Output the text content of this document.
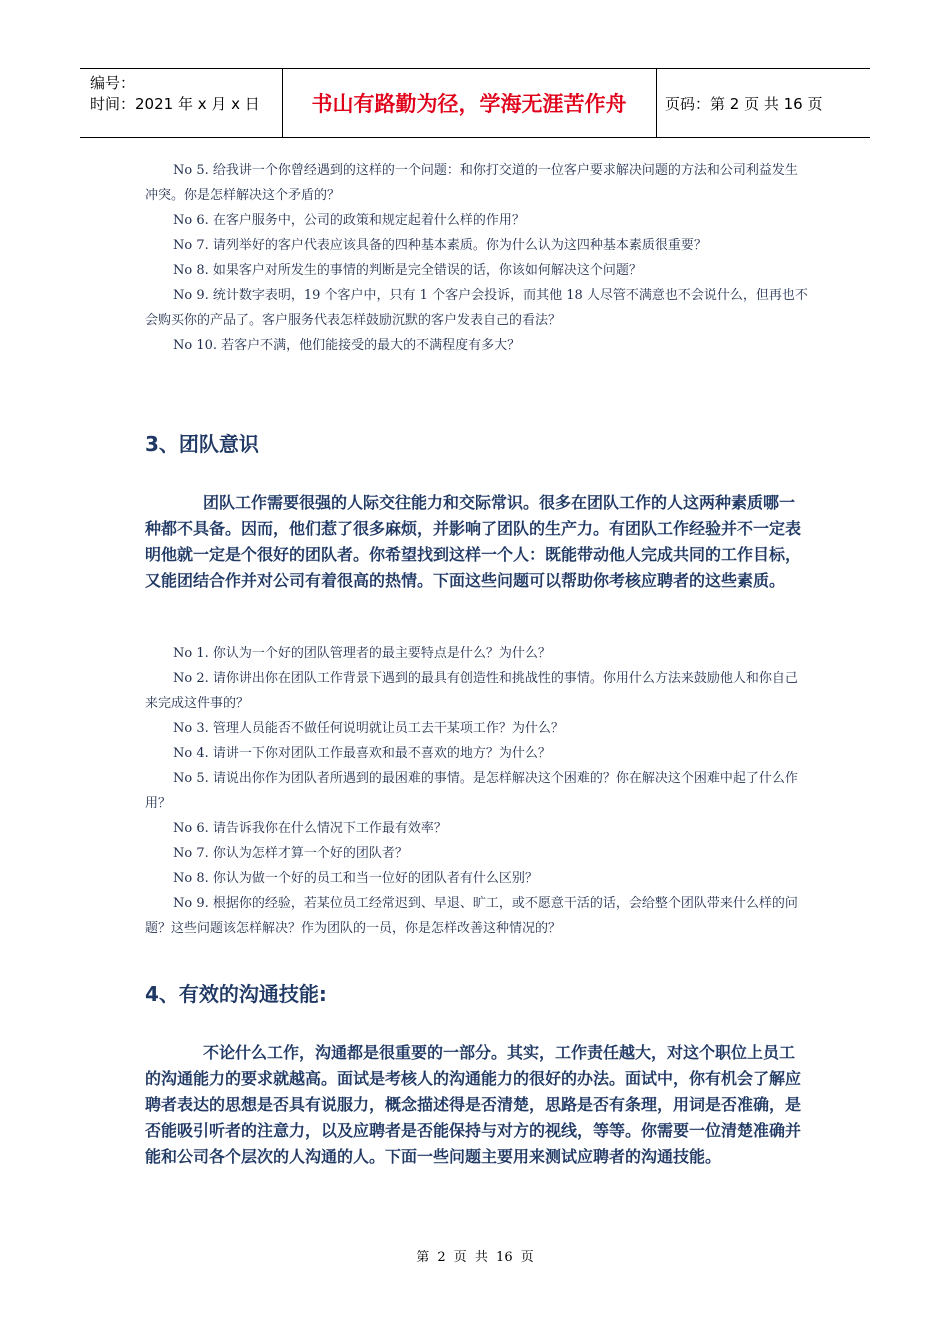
编号：
时间：2021 年 x 月 x 日	书山有路勤为径，学海无涯苦作舟	页码：第 2 页 共 16 页

No 5. 给我讲一个你曾经遇到的这样的一个问题：和你打交道的一位客户要求解决问题的方法和公司利益发生冲突。你是怎样解决这个矛盾的？

No 6. 在客户服务中，公司的政策和规定起着什么样的作用？

No 7. 请列举好的客户代表应该具备的四种基本素质。你为什么认为这四种基本素质很重要？

No 8. 如果客户对所发生的事情的判断是完全错误的话，你该如何解决这个问题？

No 9. 统计数字表明，19 个客户中，只有 1 个客户会投诉，而其他 18 人尽管不满意也不会说什么，但再也不会购买你的产品了。客户服务代表怎样鼓励沉默的客户发表自己的看法？

No 10. 若客户不满，他们能接受的最大的不满程度有多大？

3、团队意识
团队工作需要很强的人际交往能力和交际常识。很多在团队工作的人这两种素质哪一种都不具备。因而，他们惹了很多麻烦，并影响了团队的生产力。有团队工作经验并不一定表明他就一定是个很好的团队者。你希望找到这样一个人：既能带动他人完成共同的工作目标，又能团结合作并对公司有着很高的热情。下面这些问题可以帮助你考核应聘者的这些素质。

No 1. 你认为一个好的团队管理者的最主要特点是什么？为什么？

No 2. 请你讲出你在团队工作背景下遇到的最具有创造性和挑战性的事情。你用什么方法来鼓励他人和你自己来完成这件事的？

No 3. 管理人员能否不做任何说明就让员工去干某项工作？为什么？

No 4. 请讲一下你对团队工作最喜欢和最不喜欢的地方？为什么？

No 5. 请说出你作为团队者所遇到的最困难的事情。是怎样解决这个困难的？你在解决这个困难中起了什么作用？

No 6. 请告诉我你在什么情况下工作最有效率？

No 7. 你认为怎样才算一个好的团队者？

No 8. 你认为做一个好的员工和当一位好的团队者有什么区别？

No 9. 根据你的经验，若某位员工经常迟到、早退、旷工，或不愿意干活的话，会给整个团队带来什么样的问题？这些问题该怎样解决？作为团队的一员，你是怎样改善这种情况的？

4、有效的沟通技能:
不论什么工作，沟通都是很重要的一部分。其实，工作责任越大，对这个职位上员工的沟通能力的要求就越高。面试是考核人的沟通能力的很好的办法。面试中，你有机会了解应聘者表达的思想是否具有说服力，概念描述得是否清楚，思路是否有条理，用词是否准确，是否能吸引听者的注意力，以及应聘者是否能保持与对方的视线，等等。你需要一位清楚准确并能和公司各个层次的人沟通的人。下面一些问题主要用来测试应聘者的沟通技能。
第 2 页 共 16 页
